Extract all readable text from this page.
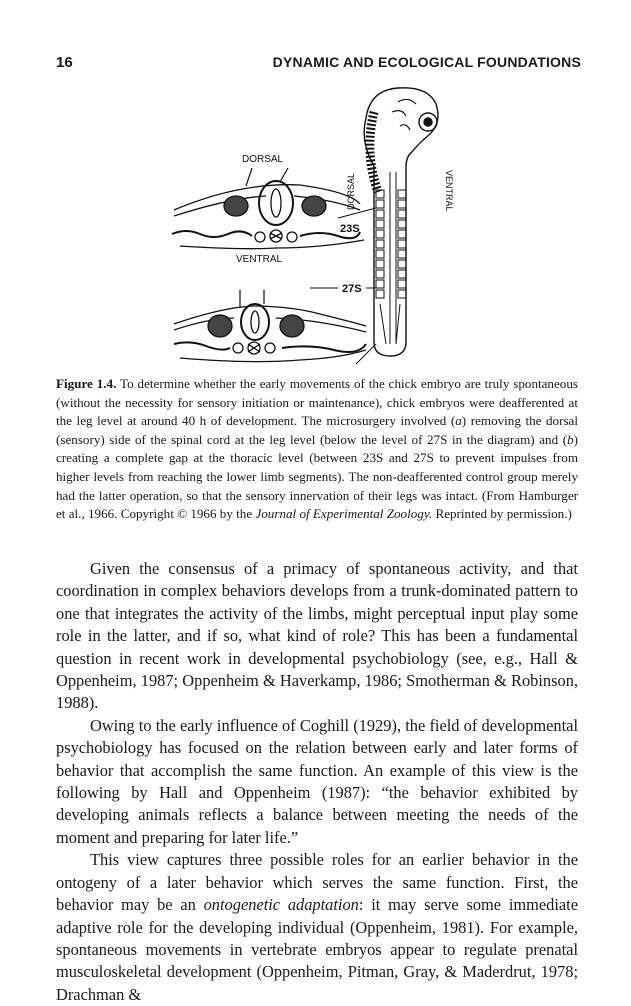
16	DYNAMIC AND ECOLOGICAL FOUNDATIONS
DORSAL
VENTRAL
23S
27S
DORSAL	VENTRAL
Figure 1.4. To determine whether the early movements of the chick embryo are truly spontaneous (without the necessity for sensory initiation or maintenance), chick embryos were deafferented at the leg level at around 40 h of development. The microsurgery involved (a) removing the dorsal (sensory) side of the spinal cord at the leg level (below the level of 27S in the diagram) and (b) creating a complete gap at the thoracic level (between 23S and 27S to prevent impulses from higher levels from reaching the lower limb segments). The non-deafferented control group merely had the latter operation, so that the sensory innervation of their legs was intact. (From Hamburger et al., 1966. Copyright © 1966 by the Journal of Experimental Zoology. Reprinted by permission.)

Given the consensus of a primacy of spontaneous activity, and that coordination in complex behaviors develops from a trunk-dominated pattern to one that integrates the activity of the limbs, might perceptual input play some role in the latter, and if so, what kind of role? This has been a fundamental question in recent work in developmental psychobiology (see, e.g., Hall & Oppenheim, 1987; Oppenheim & Haverkamp, 1986; Smotherman & Robinson, 1988).

Owing to the early influence of Coghill (1929), the field of developmental psychobiology has focused on the relation between early and later forms of behavior that accomplish the same function. An example of this view is the following by Hall and Oppenheim (1987): “the behavior exhibited by developing animals reflects a balance between meeting the needs of the moment and preparing for later life.”

This view captures three possible roles for an earlier behavior in the ontogeny of a later behavior which serves the same function. First, the behavior may be an ontogenetic adaptation: it may serve some immediate adaptive role for the developing individual (Oppenheim, 1981). For example, spontaneous movements in vertebrate embryos appear to regulate prenatal musculoskeletal development (Oppenheim, Pitman, Gray, & Maderdrut, 1978; Drachman &
